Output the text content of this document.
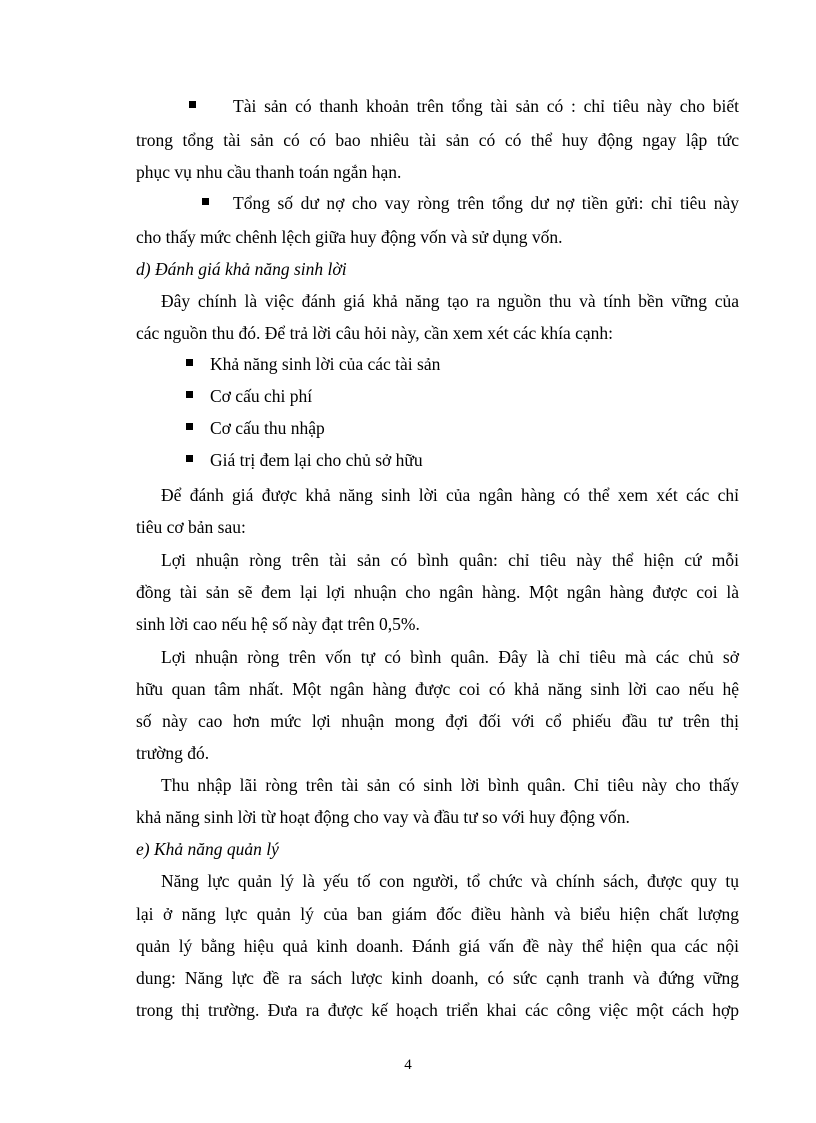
Tài sản có thanh khoản trên tổng tài sản có : chỉ tiêu này cho biết
trong tổng tài sản có có bao nhiêu tài sản có có thể huy động ngay lập tức
phục vụ nhu cầu thanh toán ngắn hạn.
Tổng số dư nợ cho vay ròng trên tổng dư nợ tiền gửi: chỉ tiêu này
cho thấy mức chênh lệch giữa huy động vốn và sử dụng vốn.
d) Đánh giá khả năng sinh lời
Đây chính là việc đánh giá khả năng tạo ra nguồn thu và tính bền vững của
các nguồn thu đó. Để trả lời câu hỏi này, cần xem xét các khía cạnh:
Khả năng sinh lời của các tài sản
Cơ cấu chi phí
Cơ cấu thu nhập
Giá trị đem lại cho chủ sở hữu
Để đánh giá được khả năng sinh lời của ngân hàng có thể xem xét các chỉ
tiêu cơ bản sau:
Lợi nhuận ròng trên tài sản có bình quân: chỉ tiêu này thể hiện cứ mỗi
đồng tài sản sẽ đem lại lợi nhuận cho ngân hàng. Một ngân hàng được coi là
sinh lời cao nếu hệ số này đạt trên 0,5%.
Lợi nhuận ròng trên vốn tự có bình quân. Đây là chỉ tiêu mà các chủ sở
hữu quan tâm nhất. Một ngân hàng được coi có khả năng sinh lời cao nếu hệ
số này cao hơn mức lợi nhuận mong đợi đối với cổ phiếu đầu tư trên thị
trường đó.
Thu nhập lãi ròng trên tài sản có sinh lời bình quân. Chỉ tiêu này cho thấy
khả năng sinh lời từ hoạt động cho vay và đầu tư so với huy động vốn.
e) Khả năng quản lý
Năng lực quản lý là yếu tố con người, tổ chức và chính sách, được quy tụ
lại ở năng lực quản lý của ban giám đốc điều hành và biểu hiện chất lượng
quản lý bằng hiệu quả kinh doanh. Đánh giá vấn đề này thể hiện qua các nội
dung: Năng lực đề ra sách lược kinh doanh, có sức cạnh tranh và đứng vững
trong thị trường. Đưa ra được kế hoạch triển khai các công việc một cách hợp
4
